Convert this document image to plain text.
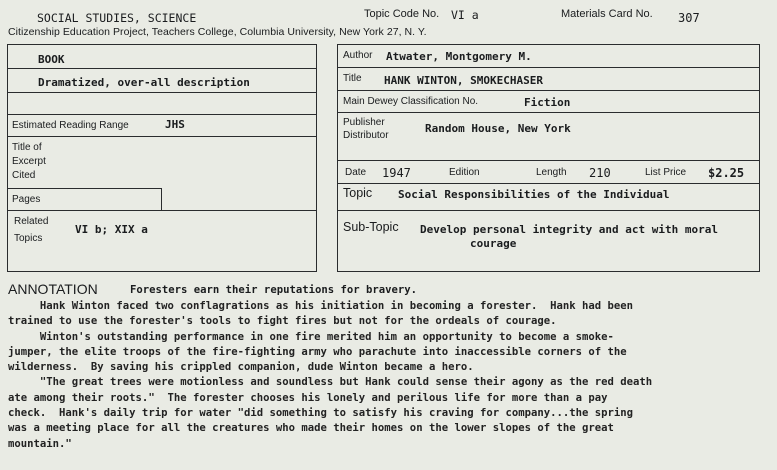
SOCIAL STUDIES, SCIENCE	Topic Code No. VI a	Materials Card No. 307
Citizenship Education Project, Teachers College, Columbia University, New York 27, N. Y.
BOOK
Dramatized, over-all description
Estimated Reading Range	JHS
Title of
Excerpt
Cited
Pages
Related
Topics
VI b; XIX a
Author Atwater, Montgomery M.
Title HANK WINTON, SMOKECHASER
Main Dewey Classification No.	Fiction
Publisher
Distributor
Random House, New York
Date 1947	Edition	Length 210	List Price $2.25
Topic Social Responsibilities of the Individual
Sub-Topic Develop personal integrity and act with moral
courage
ANNOTATION	Foresters earn their reputations for bravery.

Hank Winton faced two conflagrations as his initiation in becoming a forester.  Hank had been

trained to use the forester's tools to fight fires but not for the ordeals of courage.

Winton's outstanding performance in one fire merited him an opportunity to become a smoke-

jumper, the elite troops of the fire-fighting army who parachute into inaccessible corners of the

wilderness.  By saving his crippled companion, dude Winton became a hero.

"The great trees were motionless and soundless but Hank could sense their agony as the red death

ate among their roots."  The forester chooses his lonely and perilous life for more than a pay

check.  Hank's daily trip for water "did something to satisfy his craving for company...the spring

was a meeting place for all the creatures who made their homes on the lower slopes of the great

mountain."
